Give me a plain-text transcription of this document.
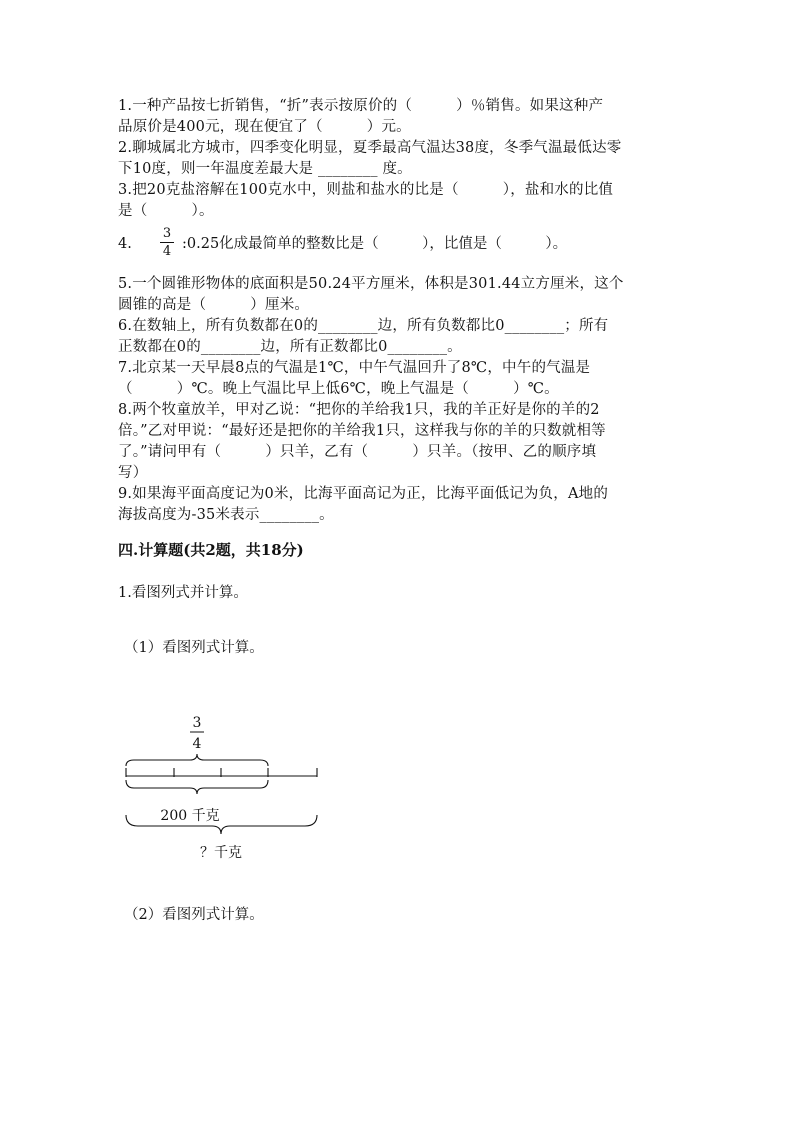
1.一种产品按七折销售，“折”表示按原价的（　　　）％销售。如果这种产
品原价是400元，现在便宜了（　　　）元。
2.聊城属北方城市，四季变化明显，夏季最高气温达38度，冬季气温最低达零
下10度，则一年温度差最大是 ________ 度。
3.把20克盐溶解在100克水中，则盐和盐水的比是（　　　），盐和水的比值
是（　　　）。
4.
3
4 :0.25化成最简单的整数比是（　　　），比值是（　　　）。
5.一个圆锥形物体的底面积是50.24平方厘米，体积是301.44立方厘米，这个
圆锥的高是（　　　）厘米。
6.在数轴上，所有负数都在0的________边，所有负数都比0________；所有
正数都在0的________边，所有正数都比0________。
7.北京某一天早晨8点的气温是1℃，中午气温回升了8℃，中午的气温是
（　　　）℃。晚上气温比早上低6℃，晚上气温是（　　　）℃。
8.两个牧童放羊，甲对乙说：“把你的羊给我1只，我的羊正好是你的羊的2
倍。”乙对甲说：“最好还是把你的羊给我1只，这样我与你的羊的只数就相等
了。”请问甲有（　　　）只羊，乙有（　　　）只羊。（按甲、乙的顺序填
写）
9.如果海平面高度记为0米，比海平面高记为正，比海平面低记为负，A地的
海拔高度为-35米表示________。
四.计算题(共2题，共18分)
1.看图列式并计算。
（1）看图列式计算。
3
4
200 千克
？千克
（2）看图列式计算。
